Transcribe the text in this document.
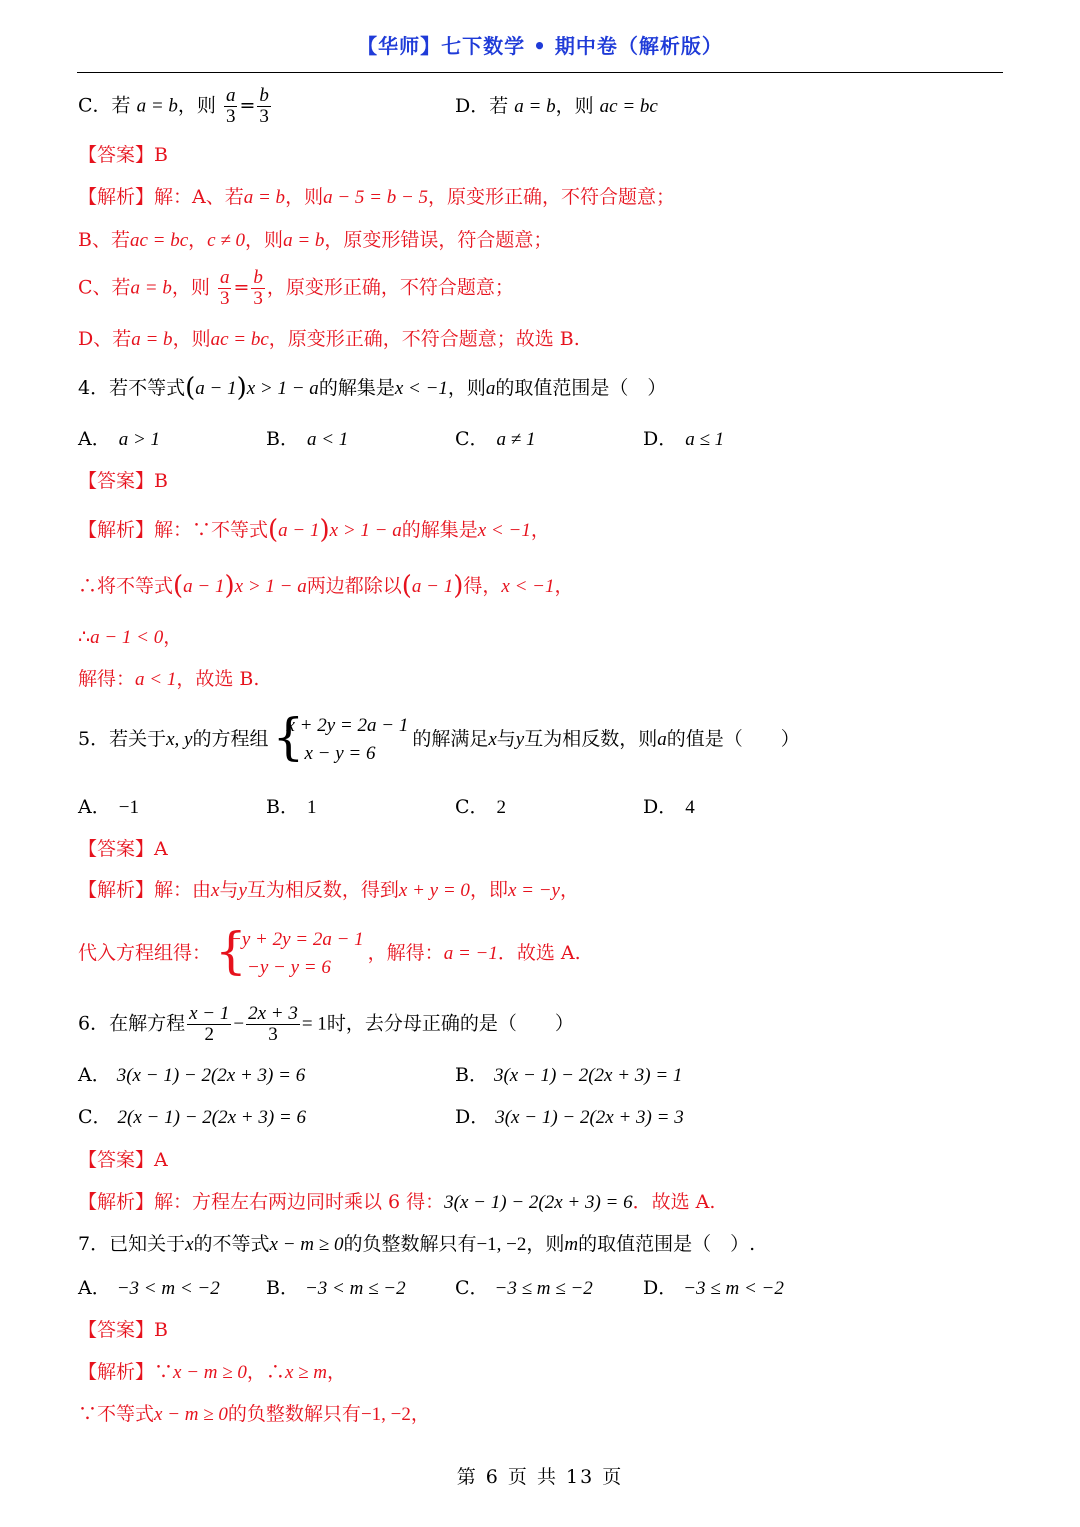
【华师】七下数学 • 期中卷（解析版）
C．若 a = b，则 $\frac{a}{3} = \frac{b}{3}$	D．若 a = b，则 ac = bc
【答案】B
【解析】解：A、若a = b，则a − 5 = b − 5，原变形正确，不符合题意；
B、若ac = bc，c ≠ 0，则a = b，原变形错误，符合题意；
C、若a = b，则 $\frac{a}{3} = \frac{b}{3}$ ，原变形正确，不符合题意；
D、若a = b，则ac = bc，原变形正确，不符合题意；故选 B.
4．若不等式(a − 1)x > 1 − a的解集是x < −1，则a的取值范围是（　）
A． a > 1	B． a < 1	C． a ≠ 1	D． a ≤ 1
【答案】B
【解析】解：∵不等式(a − 1)x > 1 − a的解集是x < −1，
∴将不等式(a − 1)x > 1 − a两边都除以(a − 1)得，x < −1，
∴a − 1 < 0，
解得：a < 1，故选 B.
5．若关于x, y的方程组 {
x + 2y = 2a − 1
x − y = 6
的解满足x与y互为相反数，则a的值是（　　）
A． −1	B． 1	C． 2	D． 4
【答案】A
【解析】解：由x与y互为相反数，得到x + y = 0，即x = −y，
代入方程组得： {
−y + 2y = 2a − 1
−y − y = 6
，解得：a = −1．故选 A.
6．在解方程 $\frac{x - 1}{2} - \frac{2x + 3}{3} = 1$时，去分母正确的是（　　）
A． 3(x − 1) − 2(2x + 3) = 6	B． 3(x − 1) − 2(2x + 3) = 1
C． 2(x − 1) − 2(2x + 3) = 6	D． 3(x − 1) − 2(2x + 3) = 3
【答案】A
【解析】解：方程左右两边同时乘以 6 得：3(x − 1) − 2(2x + 3) = 6．故选 A.
7．已知关于x的不等式x − m ≥ 0的负整数解只有−1, −2，则m的取值范围是（　）.
A． −3 < m < −2 B． −3 < m ≤ −2	C． −3 ≤ m ≤ −2	D． −3 ≤ m < −2
【答案】B
【解析】∵x − m ≥ 0，∴x ≥ m，
∵不等式x − m ≥ 0的负整数解只有−1, −2，
第 6 页 共 13 页
